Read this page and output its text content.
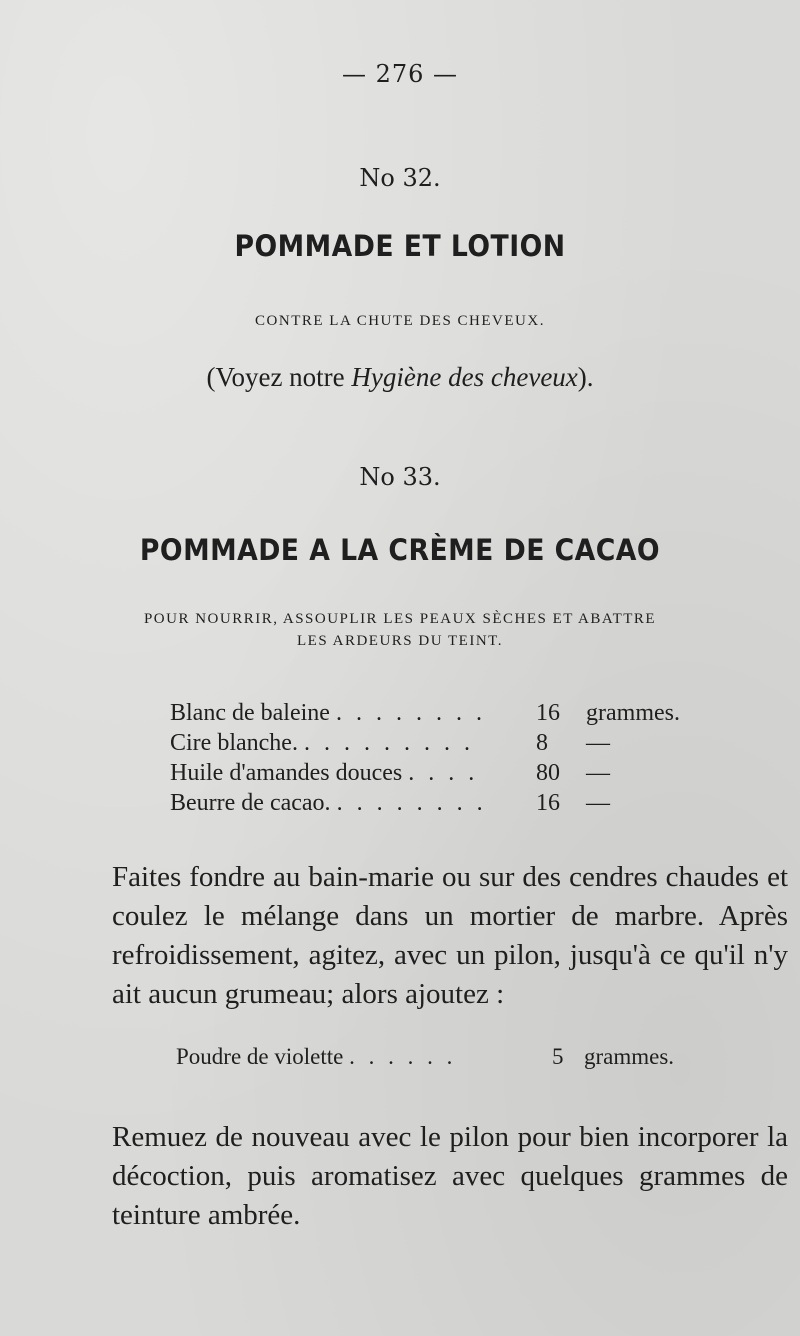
— 276 —
No 32.
POMMADE ET LOTION
CONTRE LA CHUTE DES CHEVEUX.
(Voyez notre Hygiène des cheveux).
No 33.
POMMADE A LA CRÈME DE CACAO
POUR NOURRIR, ASSOUPLIR LES PEAUX SÈCHES ET ABATTRE
LES ARDEURS DU TEINT.
Blanc de baleine . . . . . . . . 16 grammes.
Cire blanche. . . . . . . . . .	8 —
Huile d'amandes douces . . . . 80 —
Beurre de cacao. . . . . . . . . 16 —
Faites fondre au bain-marie ou sur des cendres chaudes et coulez le mélange dans un mortier de marbre. Après refroidissement, agitez, avec un pilon, jusqu'à ce qu'il n'y ait aucun grumeau; alors ajoutez :
Poudre de violette . . . . . .	5 grammes.
Remuez de nouveau avec le pilon pour bien incorporer la décoction, puis aromatisez avec quelques grammes de teinture ambrée.
